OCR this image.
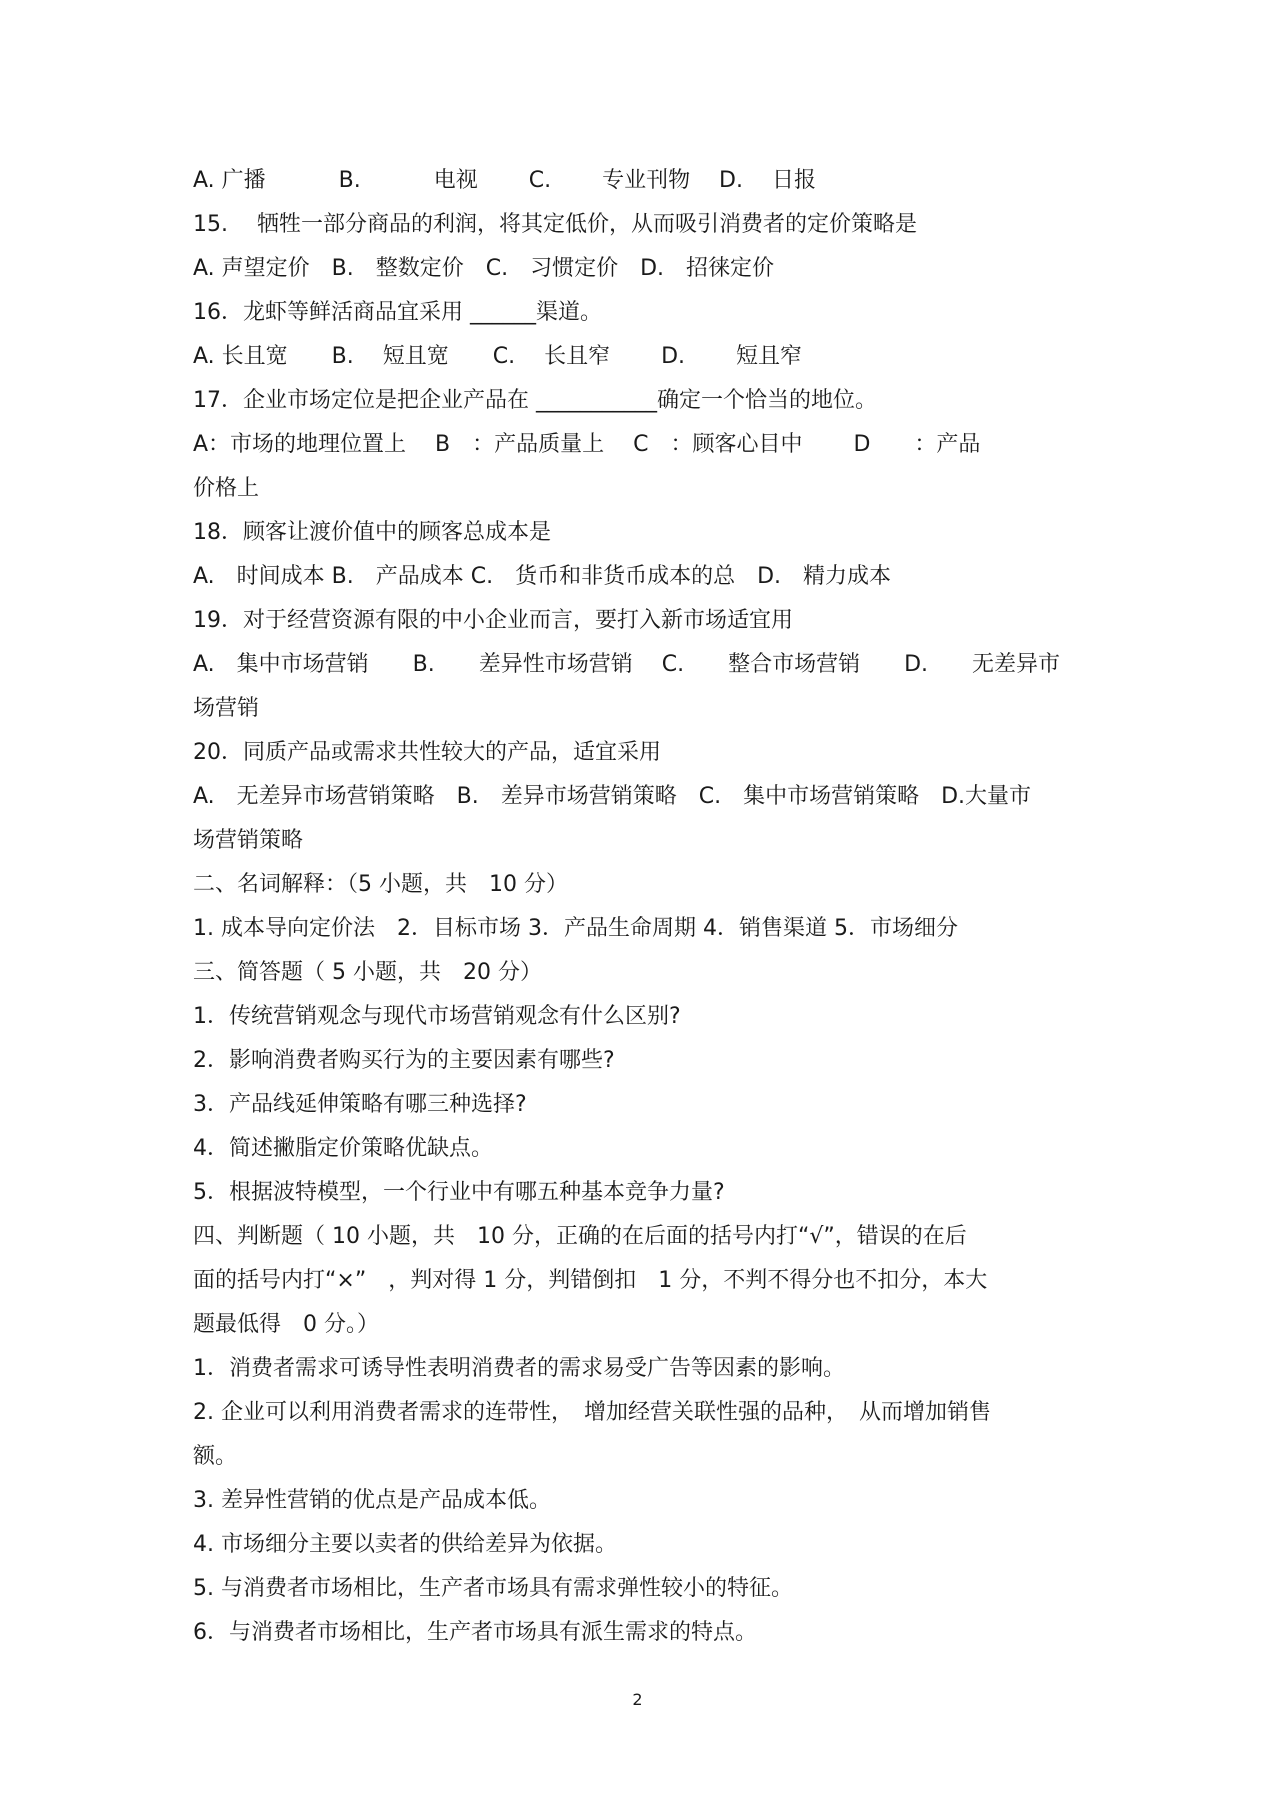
A. 广播　　　 B.　　　 电视　　 C.　　 专业刊物　 D.　 日报
15.　 牺牲一部分商品的利润，将其定低价，从而吸引消费者的定价策略是
A. 声望定价　B.　整数定价　C.　习惯定价　D.　招徕定价
16．龙虾等鲜活商品宜采用 ______渠道。
A. 长且宽　　B.　 短且宽　　C.　 长且窄　　 D.　　 短且窄
17．企业市场定位是把企业产品在 ___________确定一个恰当的地位。
A：市场的地理位置上　 B　：产品质量上　 C　：顾客心目中　　 D　　：产品
价格上
18．顾客让渡价值中的顾客总成本是
A.　时间成本 B.　产品成本 C.　货币和非货币成本的总　D.　精力成本
19．对于经营资源有限的中小企业而言，要打入新市场适宜用
A.　集中市场营销　　B.　　差异性市场营销　 C.　　整合市场营销　　D.　　无差异市
场营销
20．同质产品或需求共性较大的产品，适宜采用
A.　无差异市场营销策略　B.　差异市场营销策略　C.　集中市场营销策略　D.大量市
场营销策略
二、名词解释：（5 小题，共　10 分）
1. 成本导向定价法　2．目标市场 3．产品生命周期 4．销售渠道 5．市场细分
三、简答题（ 5 小题，共　20 分）
1．传统营销观念与现代市场营销观念有什么区别?
2．影响消费者购买行为的主要因素有哪些?
3．产品线延伸策略有哪三种选择?
4．简述撇脂定价策略优缺点。
5．根据波特模型，一个行业中有哪五种基本竞争力量?
四、判断题（ 10 小题，共　10 分，正确的在后面的括号内打“√”，错误的在后
面的括号内打“×”　，判对得 1 分，判错倒扣　1 分，不判不得分也不扣分，本大
题最低得　0 分。）
1．消费者需求可诱导性表明消费者的需求易受广告等因素的影响。
2. 企业可以利用消费者需求的连带性，　增加经营关联性强的品种，　从而增加销售
额。
3. 差异性营销的优点是产品成本低。
4. 市场细分主要以卖者的供给差异为依据。
5. 与消费者市场相比，生产者市场具有需求弹性较小的特征。
6．与消费者市场相比，生产者市场具有派生需求的特点。
2
